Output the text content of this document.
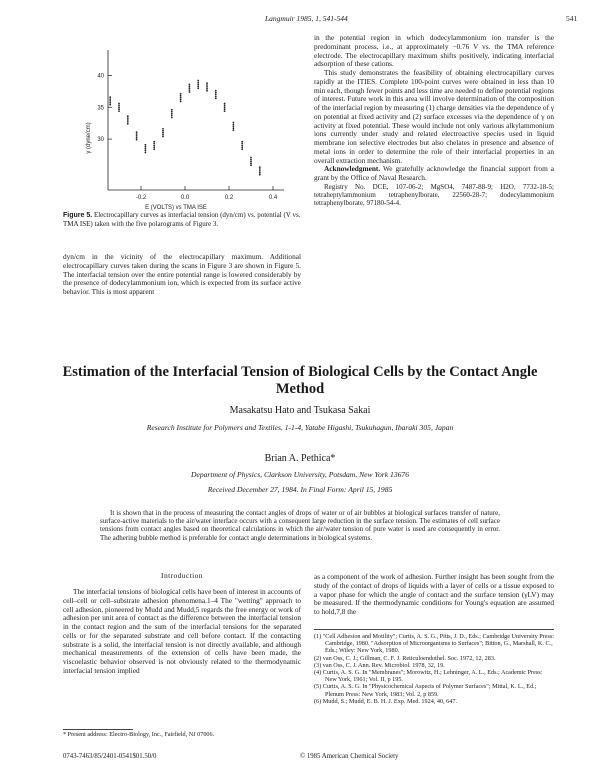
Langmuir 1985, 1, 541-544	541
γ (dyne/cm)
E (VOLTS) vs TMA ISE
40
35
30
-0.2	0.0	0.2	0.4
Figure 5. Electrocapillary curves as interfacial tension (dyn/cm) vs. potential (V vs. TMA ISE) taken with the five polarograms of Figure 3.

dyn/cm in the vicinity of the electrocapillary maximum. Additional electrocapillary curves taken during the scans in Figure 3 are shown in Figure 5. The interfacial tension over the entire potential range is lowered considerably by the presence of dodecylammonium ion, which is expected from its surface active behavior. This is most apparent

in the potential region in which dodecylammonium ion transfer is the predominant process, i.e., at approximately −0.76 V vs. the TMA reference electrode. The electrocapillary maximum shifts positively, indicating interfacial adsorption of these cations.

This study demonstrates the feasibility of obtaining electrocapillary curves rapidly at the ITIES. Complete 100-point curves were obtained in less than 10 min each, though fewer points and less time are needed to define potential regions of interest. Future work in this area will involve determination of the composition of the interfacial region by measuring (1) charge densities via the dependence of γ on potential at fixed activity and (2) surface excesses via the dependence of γ on activity at fixed potential. These would include not only various alkylammonium ions currently under study and related electroactive species used in liquid membrane ion selective electrodes but also chelates in presence and absence of metal ions in order to determine the role of their interfacial properties in an overall extraction mechanism.

Acknowledgment. We gratefully acknowledge the financial support from a grant by the Office of Naval Research.

Registry No. DCE, 107-06-2; MgSO4, 7487-88-9; H2O, 7732-18-5; tetraheptylammonium tetraphenylborate, 22560-28-7; dodecylammonium tetraphenylborate, 97180-54-4.

Estimation of the Interfacial Tension of Biological Cells by the Contact Angle Method
Masakatsu Hato and Tsukasa Sakai
Research Institute for Polymers and Textiles, 1-1-4, Yatabe Higashi, Tsukuhagun, Ibaraki 305, Japan
Brian A. Pethica*
Department of Physics, Clarkson University, Potsdam, New York 13676
Received December 27, 1984. In Final Form: April 15, 1985
It is shown that in the process of measuring the contact angles of drops of water or of air bubbles at biological surfaces transfer of nature, surface-active materials to the air/water interface occurs with a consequent large reduction in the surface tension. The estimates of cell surface tensions from contact angles based on theoretical calculations in which the air/water tension of pure water is used are consequently in error. The adhering bubble method is preferable for contact angle determinations in biological systems.
Introduction

The interfacial tensions of biological cells have been of interest in accounts of cell–cell or cell–substrate adhesion phenomena.1–4 The "wetting" approach to cell adhesion, pioneered by Mudd and Mudd,5 regards the free energy or work of adhesion per unit area of contact as the difference between the interfacial tension in the contact region and the sum of the interfacial tensions for the separated cells or for the separated substrate and cell before contact. If the contacting substrate is a solid, the interfacial tension is not directly available, and although mechanical measurements of the extension of cells have been made, the viscoelastic behavior observed is not obviously related to the thermodynamic interfacial tension implied

* Present address: Electro-Biology, Inc., Fairfield, NJ 07006.

as a component of the work of adhesion. Further insight has been sought from the study of the contact of drops of liquids with a layer of cells or a tissue exposed to a vapor phase for which the angle of contact and the surface tension (γLV) may be measured. If the thermodynamic conditions for Young's equation are assumed to hold,7,8 the

(1) "Cell Adhesion and Motility"; Curtis, A. S. G., Pitts, J. D., Eds.; Cambridge University Press: Cambridge, 1980. "Adsorption of Microorganisms to Surfaces"; Bitton, G., Marshall, K. C., Eds.; Wiley: New York, 1980.
(2) van Oss, C. J.; Gillman, C. F. J. Reticuloendothel. Soc. 1972, 12, 283.
(3) van Oss, C. J. Ann. Rev. Microbiol. 1978, 32, 19.
(4) Curtis, A. S. G. In "Membranes"; Morowitz, H.; Lehninger, A. L., Eds.; Academic Press: New York, 1961; Vol. II, p 195.
(5) Curtis, A. S. G. In "Physicochemical Aspects of Polymer Surfaces"; Mittal, K. L., Ed.; Plenum Press: New York, 1983; Vol. 2, p 859.
(6) Mudd, S.; Mudd, E. B. H. J. Exp. Med. 1924, 40, 647.
0743-7463/85/2401-0541$01.50/0	© 1985 American Chemical Society
